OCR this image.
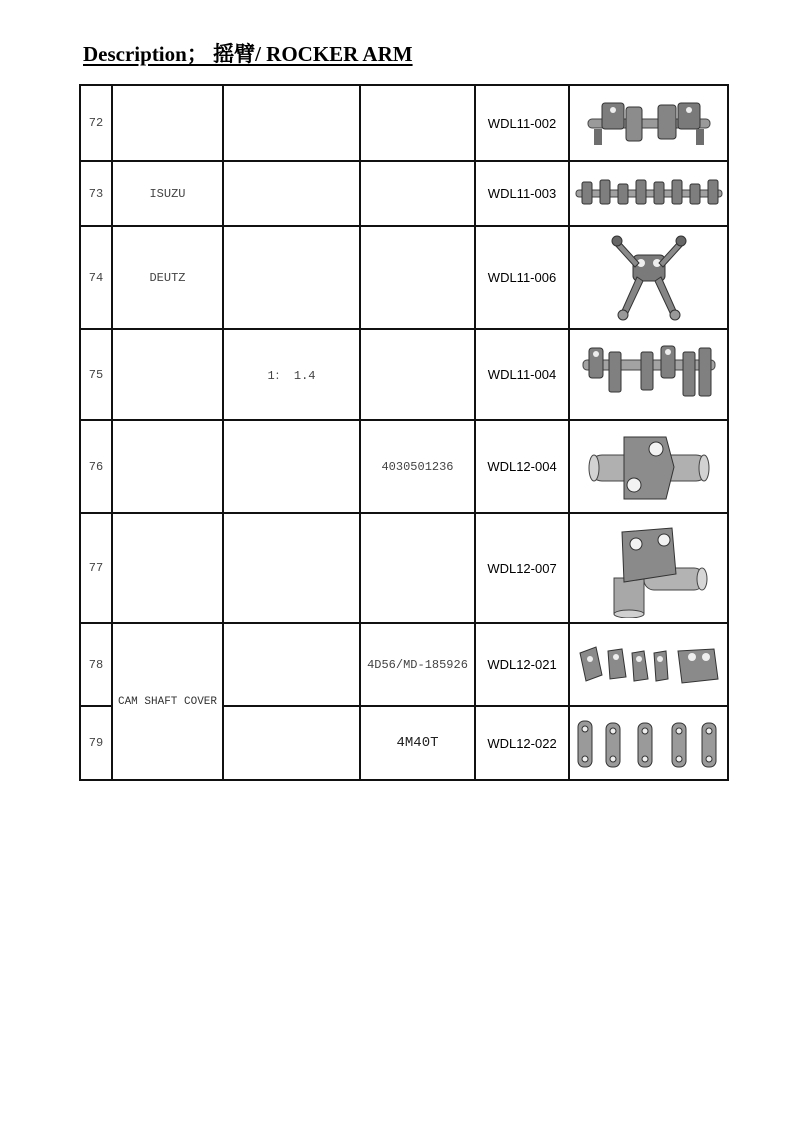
Description； 摇臂/ ROCKER ARM
72				WDL11-002	

73	ISUZU			WDL11-003	

74	DEUTZ			WDL11-006	

75		1： 1.4		WDL11-004	

76			4030501236	WDL12-004	

77				WDL12-007	

78	CAM SHAFT COVER		4D56/MD-185926	WDL12-021	

79			4M40T	WDL12-022	
